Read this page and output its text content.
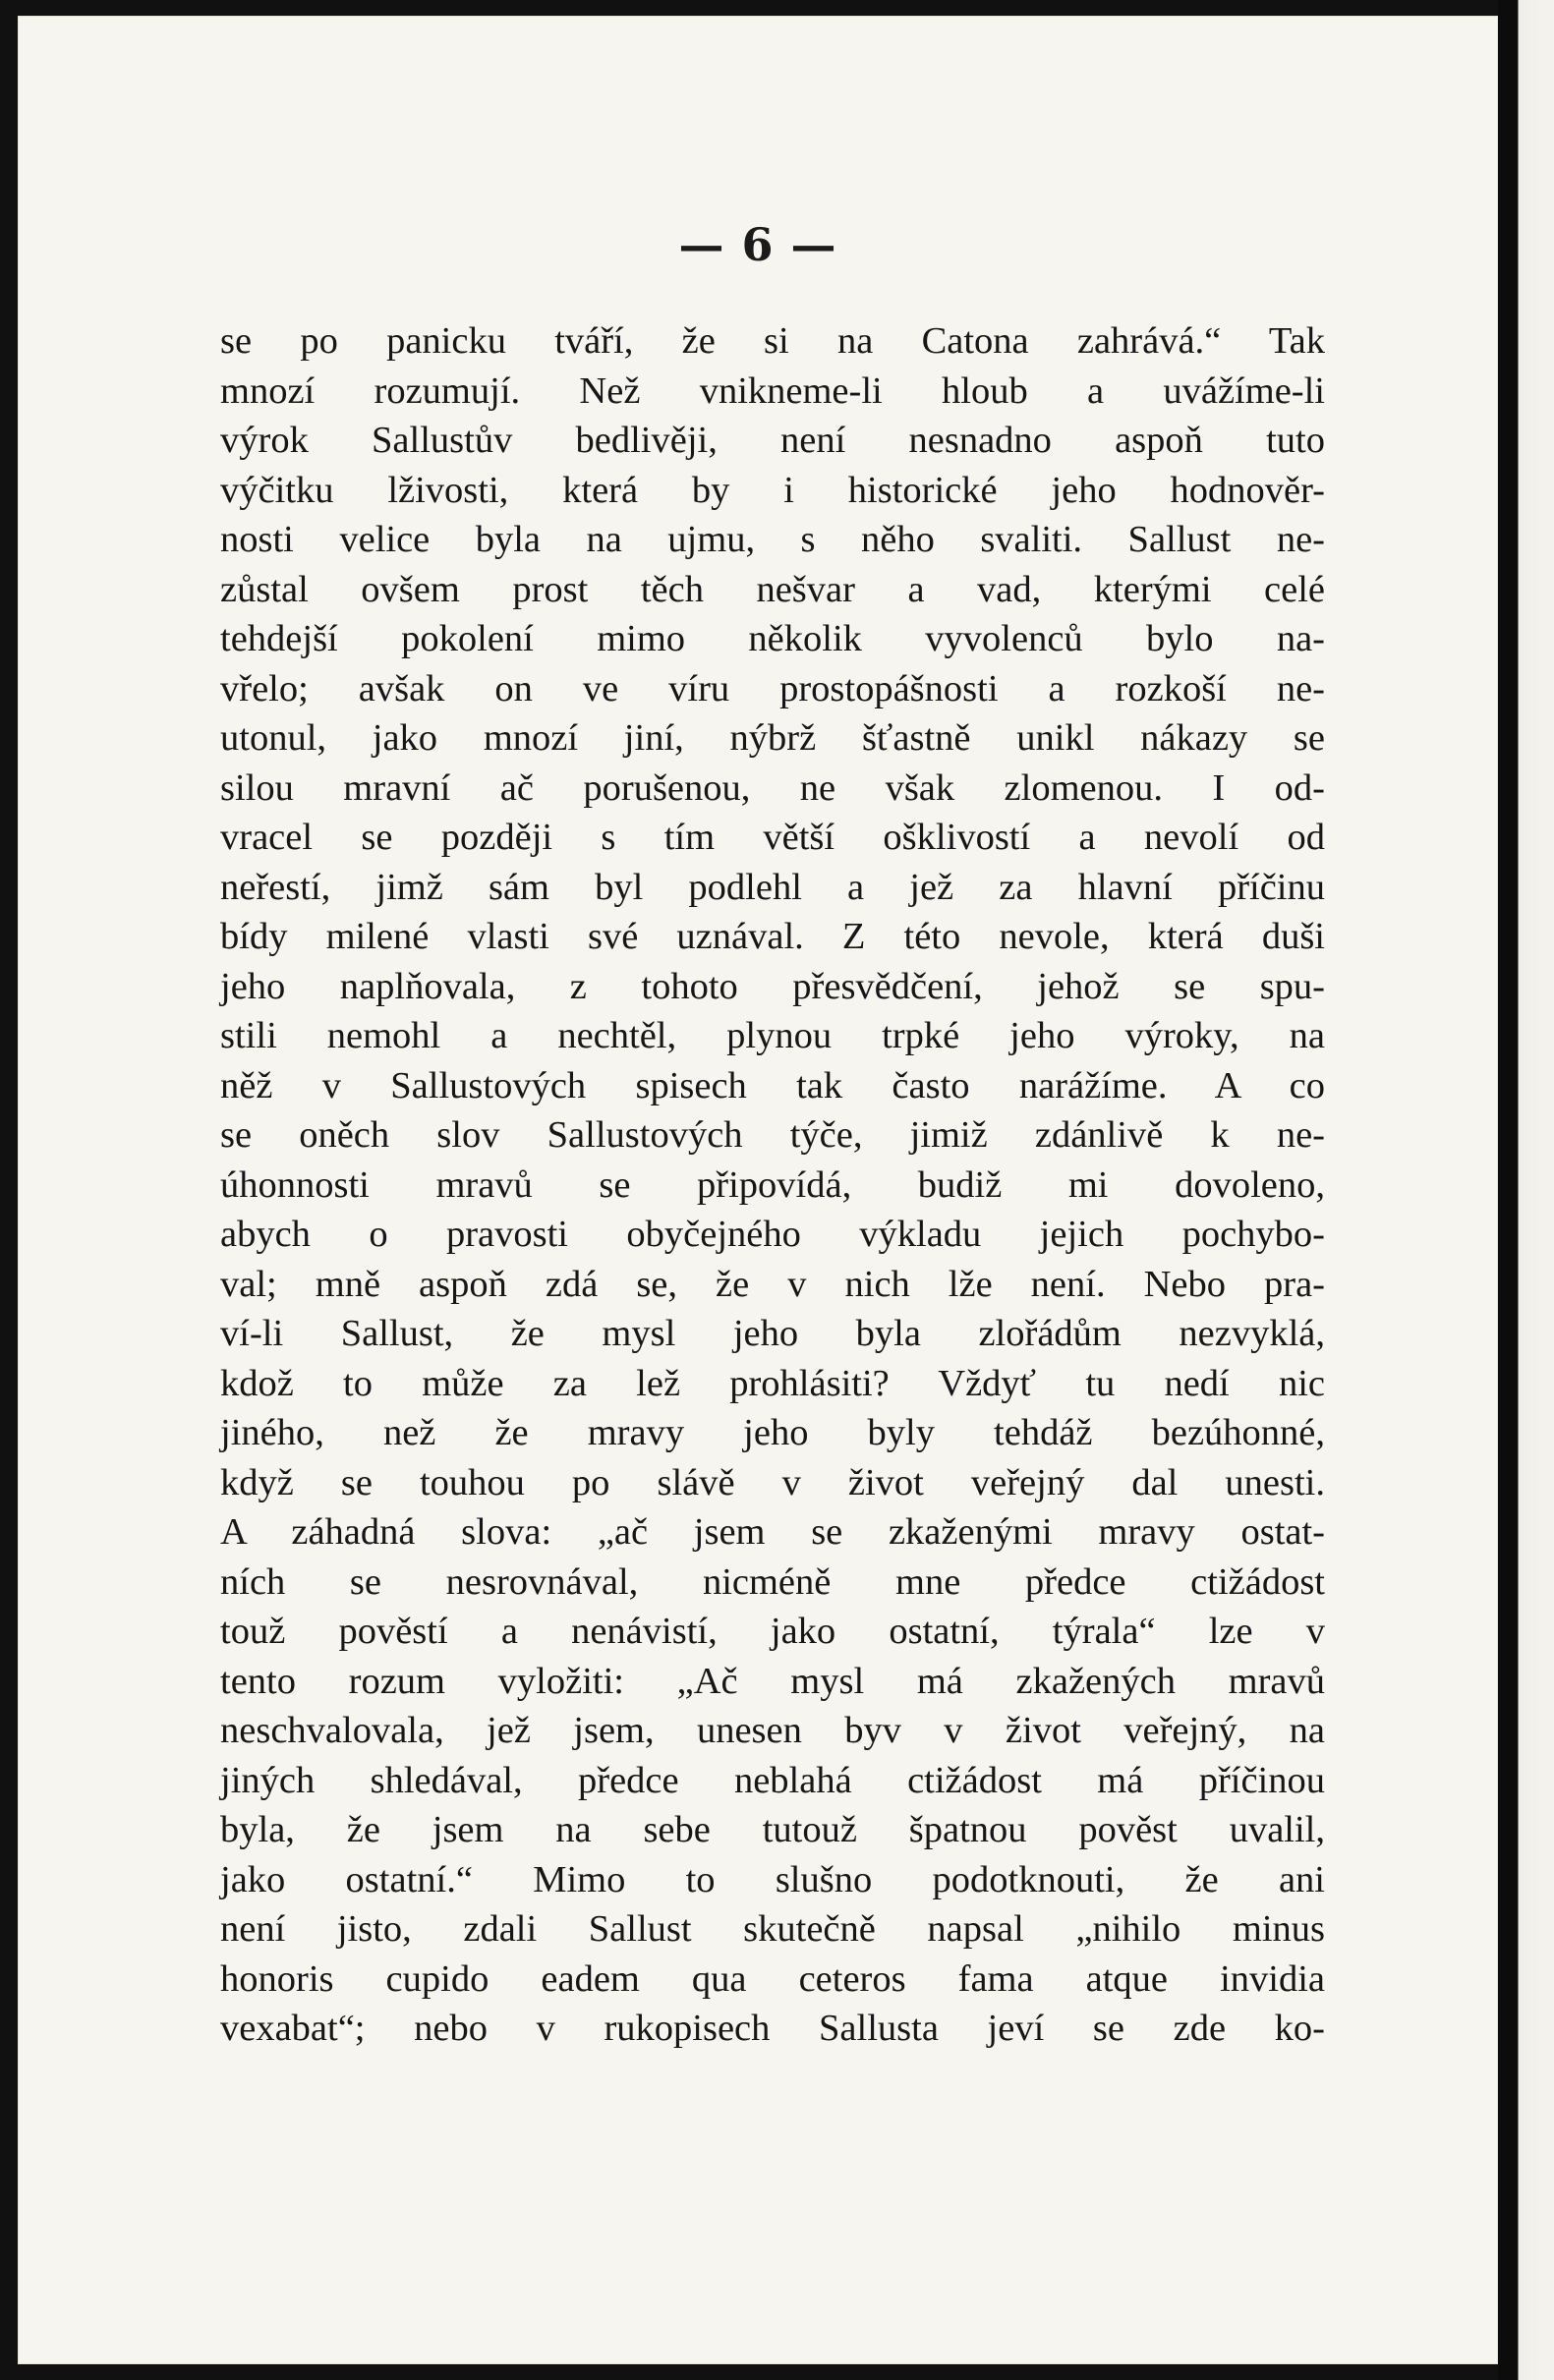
— 6 —
se po panicku tváří, že si na Catona zahrává.“ Tak
mnozí rozumují. Než vnikneme-li hloub a uvážíme-li
výrok Sallustův bedlivěji, není nesnadno aspoň tuto
výčitku lživosti, která by i historické jeho hodnověr-
nosti velice byla na ujmu, s něho svaliti. Sallust ne-
zůstal ovšem prost těch nešvar a vad, kterými celé
tehdejší pokolení mimo několik vyvolenců bylo na-
vřelo; avšak on ve víru prostopášnosti a rozkoší ne-
utonul, jako mnozí jiní, nýbrž šťastně unikl nákazy se
silou mravní ač porušenou, ne však zlomenou. I od-
vracel se později s tím větší ošklivostí a nevolí od
neřestí, jimž sám byl podlehl a jež za hlavní příčinu
bídy milené vlasti své uznával. Z této nevole, která duši
jeho naplňovala, z tohoto přesvědčení, jehož se spu-
stili nemohl a nechtěl, plynou trpké jeho výroky, na
něž v Sallustových spisech tak často narážíme. A co
se oněch slov Sallustových týče, jimiž zdánlivě k ne-
úhonnosti mravů se připovídá, budiž mi dovoleno,
abych o pravosti obyčejného výkladu jejich pochybo-
val; mně aspoň zdá se, že v nich lže není. Nebo pra-
ví-li Sallust, že mysl jeho byla zlořádům nezvyklá,
kdož to může za lež prohlásiti? Vždyť tu nedí nic
jiného, než že mravy jeho byly tehdáž bezúhonné,
když se touhou po slávě v život veřejný dal unesti.
A záhadná slova: „ač jsem se zkaženými mravy ostat-
ních se nesrovnával, nicméně mne předce ctižádost
touž pověstí a nenávistí, jako ostatní, týrala“ lze v
tento rozum vyložiti: „Ač mysl má zkažených mravů
neschvalovala, jež jsem, unesen byv v život veřejný, na
jiných shledával, předce neblahá ctižádost má příčinou
byla, že jsem na sebe tutouž špatnou pověst uvalil,
jako ostatní.“ Mimo to slušno podotknouti, že ani
není jisto, zdali Sallust skutečně napsal „nihilo minus
honoris cupido eadem qua ceteros fama atque invidia
vexabat“; nebo v rukopisech Sallusta jeví se zde ko-
